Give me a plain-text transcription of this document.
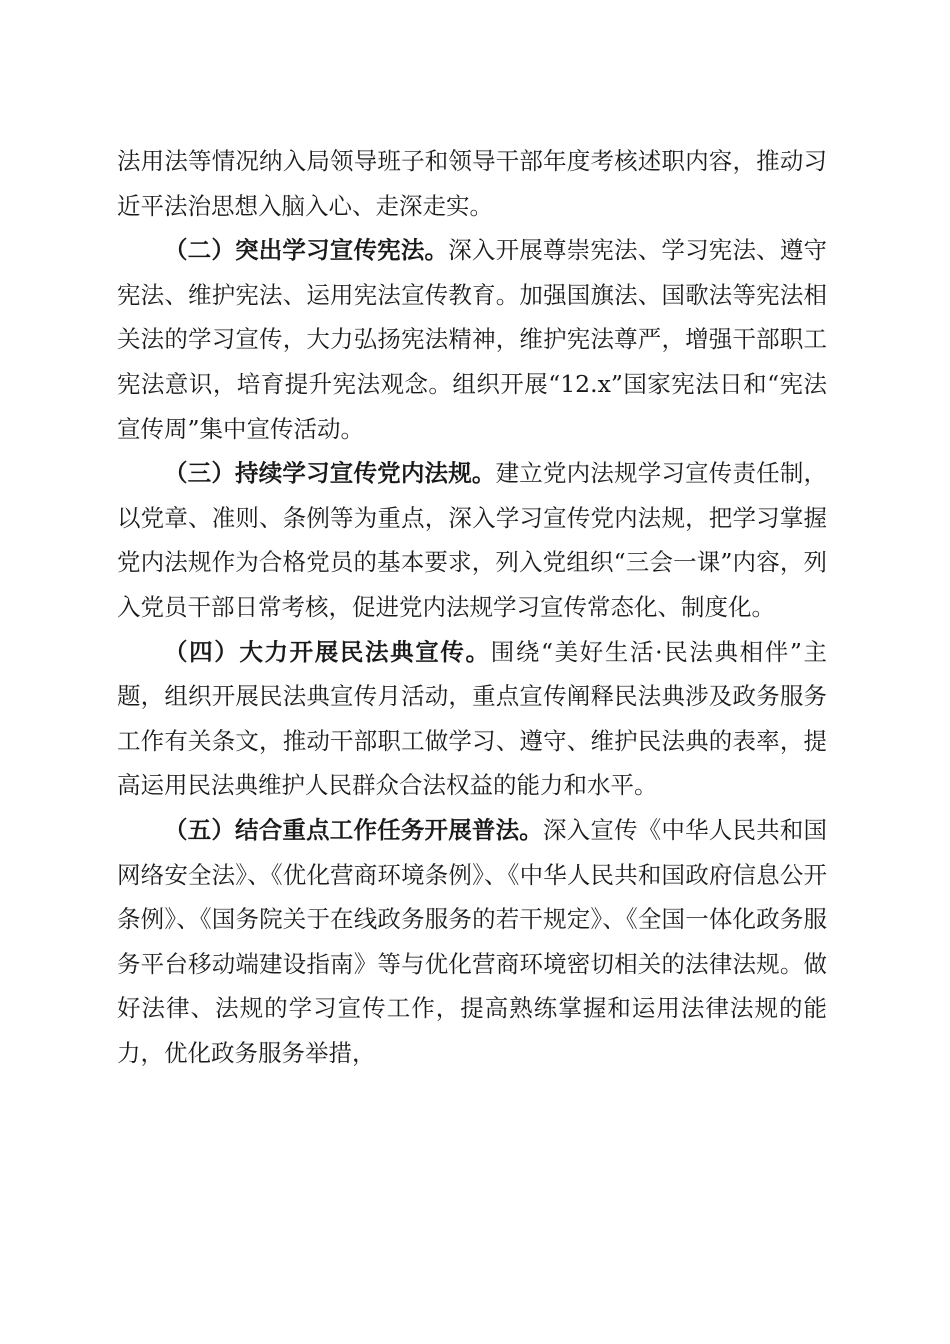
法用法等情况纳入局领导班子和领导干部年度考核述职内容，推动习近平法治思想入脑入心、走深走实。

（二）突出学习宣传宪法。深入开展尊崇宪法、学习宪法、遵守宪法、维护宪法、运用宪法宣传教育。加强国旗法、国歌法等宪法相关法的学习宣传，大力弘扬宪法精神，维护宪法尊严，增强干部职工宪法意识，培育提升宪法观念。组织开展“12.x”国家宪法日和“宪法宣传周”集中宣传活动。

（三）持续学习宣传党内法规。建立党内法规学习宣传责任制，以党章、准则、条例等为重点，深入学习宣传党内法规，把学习掌握党内法规作为合格党员的基本要求，列入党组织“三会一课”内容，列入党员干部日常考核，促进党内法规学习宣传常态化、制度化。

（四）大力开展民法典宣传。围绕“美好生活·民法典相伴”主题，组织开展民法典宣传月活动，重点宣传阐释民法典涉及政务服务工作有关条文，推动干部职工做学习、遵守、维护民法典的表率，提高运用民法典维护人民群众合法权益的能力和水平。

（五）结合重点工作任务开展普法。深入宣传《中华人民共和国网络安全法》、《优化营商环境条例》、《中华人民共和国政府信息公开条例》、《国务院关于在线政务服务的若干规定》、《全国一体化政务服务平台移动端建设指南》等与优化营商环境密切相关的法律法规。做好法律、法规的学习宣传工作，提高熟练掌握和运用法律法规的能力，优化政务服务举措，
